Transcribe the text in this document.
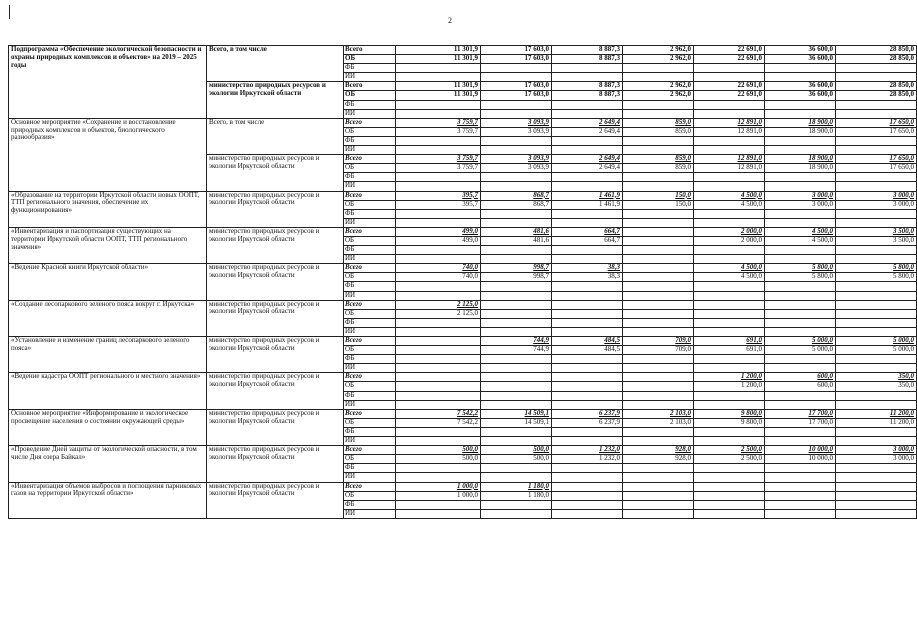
2
Подпрограмма «Обеспечение экологической безопасности и охраны природных комплексов и объектов» на 2019 – 2025 годы	Всего, в том числе	Всего	11 301,9	17 603,0	8 887,3	2 962,0	22 691,0	36 600,0	28 850,0
		ОБ	11 301,9	17 603,0	8 887,3	2 962,0	22 691,0	36 600,0	28 850,0
		ФБ							
		ИИ							
	министерство природных ресурсов и экологии Иркутской области	Всего	11 301,9	17 603,0	8 887,3	2 962,0	22 691,0	36 600,0	28 850,0
		ОБ	11 301,9	17 603,0	8 887,3	2 962,0	22 691,0	36 600,0	28 850,0
		ФБ							
		ИИ							
Основное мероприятие «Сохранение и восстановление природных комплексов и объектов, биологического разнообразия»	Всего, в том числе	Всего	3 759,7	3 093,9	2 649,4	859,0	12 891,0	18 900,0	17 650,0
		ОБ	3 759,7	3 093,9	2 649,4	859,0	12 891,0	18 900,0	17 650,0
		ФБ							
		ИИ							
	министерство природных ресурсов и экологии Иркутской области	Всего	3 759,7	3 093,9	2 649,4	859,0	12 891,0	18 900,0	17 650,0
		ОБ	3 759,7	3 093,9	2 649,4	859,0	12 891,0	18 900,0	17 650,0
		ФБ							
		ИИ							
«Образование на территории Иркутской области новых ООПТ, ТТП регионального значения, обеспечение их функционирования»	министерство природных ресурсов и экологии Иркутской области	Всего	395,7	868,7	1 461,9	150,0	4 500,0	3 000,0	3 000,0
		ОБ	395,7	868,7	1 461,9	150,0	4 500,0	3 000,0	3 000,0
		ФБ							
		ИИ							
«Инвентаризация и паспортизация существующих на территории Иркутской области ООПТ, ТТП регионального значения»	министерство природных ресурсов и экологии Иркутской области	Всего	499,0	481,6	664,7		2 000,0	4 500,0	3 500,0
		ОБ	499,0	481,6	664,7		2 000,0	4 500,0	3 500,0
		ФБ							
		ИИ							
«Ведение Красной книги Иркутской области»	министерство природных ресурсов и экологии Иркутской области	Всего	740,0	998,7	38,3		4 500,0	5 800,0	5 800,0
		ОБ	740,0	998,7	38,3		4 500,0	5 800,0	5 800,0
		ФБ							
		ИИ							
«Создание лесопаркового зеленого пояса вокруг г. Иркутска»	министерство природных ресурсов и экологии Иркутской области	Всего	2 125,0						
		ОБ	2 125,0						
		ФБ							
		ИИ							
«Установление и изменение границ лесопаркового зеленого пояса»	министерство природных ресурсов и экологии Иркутской области	Всего		744,9	484,5	709,0	691,0	5 000,0	5 000,0
		ОБ		744,9	484,5	709,0	691,0	5 000,0	5 000,0
		ФБ							
		ИИ							
«Ведение кадастра ООПТ регионального и местного значения»	министерство природных ресурсов и экологии Иркутской области	Всего					1 200,0	600,0	350,0
		ОБ					1 200,0	600,0	350,0
		ФБ							
		ИИ							
Основное мероприятие «Информирование и экологическое просвещение населения о состоянии окружающей среды»	министерство природных ресурсов и экологии Иркутской области	Всего	7 542,2	14 509,1	6 237,9	2 103,0	9 800,0	17 700,0	11 200,0
		ОБ	7 542,2	14 509,1	6 237,9	2 103,0	9 800,0	17 700,0	11 200,0
		ФБ							
		ИИ							
«Проведение Дней защиты от экологической опасности, в том числе Дня озера Байкал»	министерство природных ресурсов и экологии Иркутской области	Всего	500,0	500,0	1 232,0	928,0	2 500,0	10 000,0	3 000,0
		ОБ	500,0	500,0	1 232,0	928,0	2 500,0	10 000,0	3 000,0
		ФБ							
		ИИ							
«Инвентаризация объемов выбросов и поглощения парниковых газов на территории Иркутской области»	министерство природных ресурсов и экологии Иркутской области	Всего	1 000,0	1 180,0					
		ОБ	1 000,0	1 180,0					
		ФБ							
		ИИ							
